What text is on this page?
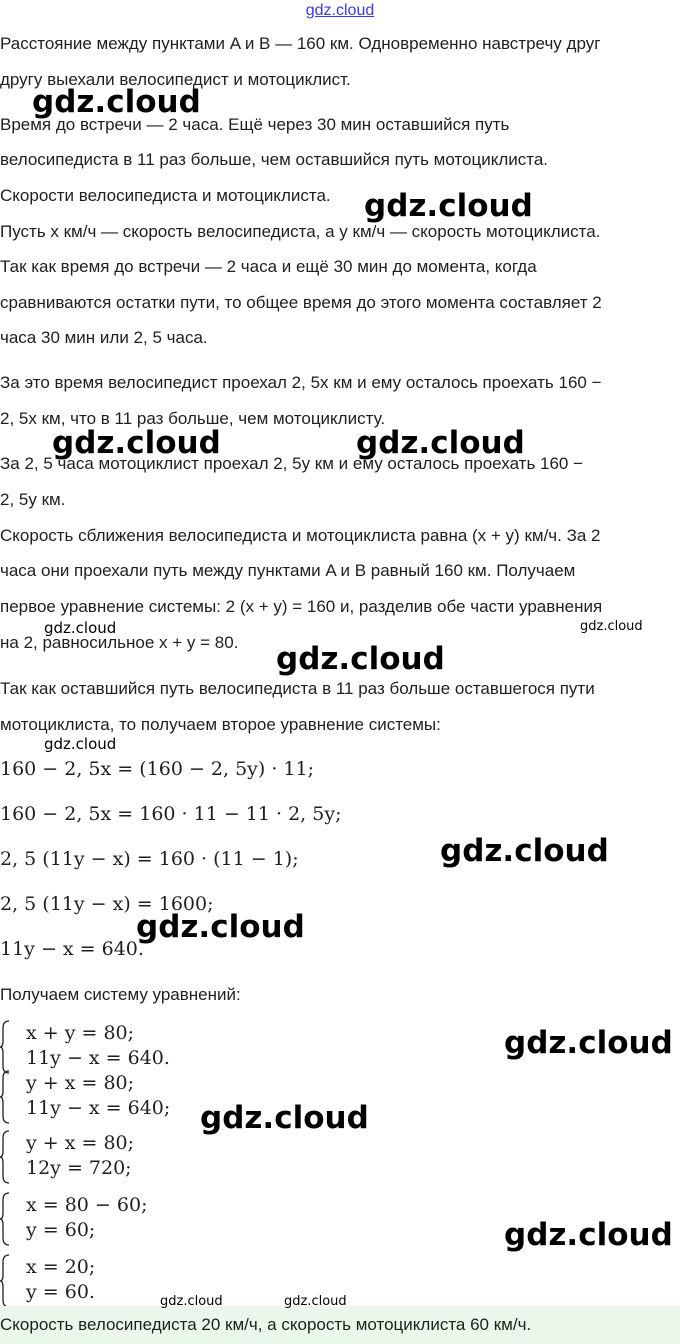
gdz.cloud
Расстояние между пунктами A и B — 160 км. Одновременно навстречу друг
другу выехали велосипедист и мотоциклист.
Время до встречи — 2 часа. Ещё через 30 мин оставшийся путь
велосипедиста в 11 раз больше, чем оставшийся путь мотоциклиста.
Скорости велосипедиста и мотоциклиста.
Пусть x км/ч — скорость велосипедиста, а y км/ч — скорость мотоциклиста.
Так как время до встречи — 2 часа и ещё 30 мин до момента, когда
сравниваются остатки пути, то общее время до этого момента составляет 2
часа 30 мин или 2, 5 часа.
За это время велосипедист проехал 2, 5x км и ему осталось проехать 160 −
2, 5x км, что в 11 раз больше, чем мотоциклисту.
За 2, 5 часа мотоциклист проехал 2, 5y км и ему осталось проехать 160 −
2, 5y км.
Скорость сближения велосипедиста и мотоциклиста равна (x + y) км/ч. За 2
часа они проехали путь между пунктами A и B равный 160 км. Получаем
первое уравнение системы: 2 (x + y) = 160 и, разделив обе части уравнения
на 2, равносильное x + y = 80.
Так как оставшийся путь велосипедиста в 11 раз больше оставшегося пути
мотоциклиста, то получаем второе уравнение системы:
160 − 2, 5x = (160 − 2, 5y) · 11;
160 − 2, 5x = 160 · 11 − 11 · 2, 5y;
2, 5 (11y − x) = 160 · (11 − 1);
2, 5 (11y − x) = 1600;
11y − x = 640.
Получаем систему уравнений:
x + y = 80;
11y − x = 640.
y + x = 80;
11y − x = 640;
y + x = 80;
12y = 720;
x = 80 − 60;
y = 60;
x = 20;
y = 60.
Скорость велосипедиста 20 км/ч, а скорость мотоциклиста 60 км/ч.
gdz.cloud
gdz.cloud
gdz.cloud	gdz.cloud
gdz.cloud	gdz.cloud
gdz.cloud
gdz.cloud
gdz.cloud
gdz.cloud
gdz.cloud
gdz.cloud
gdz.cloud
gdz.cloud	gdz.cloud
